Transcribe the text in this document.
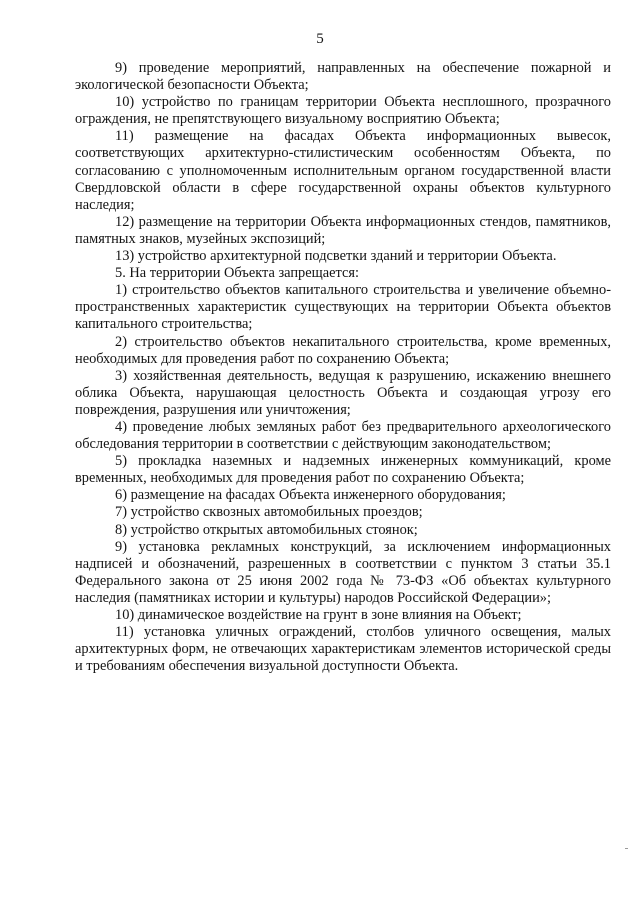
5

9) проведение мероприятий, направленных на обеспечение пожарной и экологической безопасности Объекта;

10) устройство по границам территории Объекта несплошного, прозрачного ограждения, не препятствующего визуальному восприятию Объекта;

11) размещение на фасадах Объекта информационных вывесок, соответствующих архитектурно-стилистическим особенностям Объекта, по согласованию с уполномоченным исполнительным органом государственной власти Свердловской области в сфере государственной охраны объектов культурного наследия;

12) размещение на территории Объекта информационных стендов, памятников, памятных знаков, музейных экспозиций;

13) устройство архитектурной подсветки зданий и территории Объекта.

5. На территории Объекта запрещается:

1) строительство объектов капитального строительства и увеличение объемно-пространственных характеристик существующих на территории Объекта объектов капитального строительства;

2) строительство объектов некапитального строительства, кроме временных, необходимых для проведения работ по сохранению Объекта;

3) хозяйственная деятельность, ведущая к разрушению, искажению внешнего облика Объекта, нарушающая целостность Объекта и создающая угрозу его повреждения, разрушения или уничтожения;

4) проведение любых земляных работ без предварительного археологического обследования территории в соответствии с действующим законодательством;

5) прокладка наземных и надземных инженерных коммуникаций, кроме временных, необходимых для проведения работ по сохранению Объекта;

6) размещение на фасадах Объекта инженерного оборудования;

7) устройство сквозных автомобильных проездов;

8) устройство открытых автомобильных стоянок;

9) установка рекламных конструкций, за исключением информационных надписей и обозначений, разрешенных в соответствии с пунктом 3 статьи 35.1 Федерального закона от 25 июня 2002 года № 73-ФЗ «Об объектах культурного наследия (памятниках истории и культуры) народов Российской Федерации»;

10) динамическое воздействие на грунт в зоне влияния на Объект;

11) установка уличных ограждений, столбов уличного освещения, малых архитектурных форм, не отвечающих характеристикам элементов исторической среды и требованиям обеспечения визуальной доступности Объекта.
